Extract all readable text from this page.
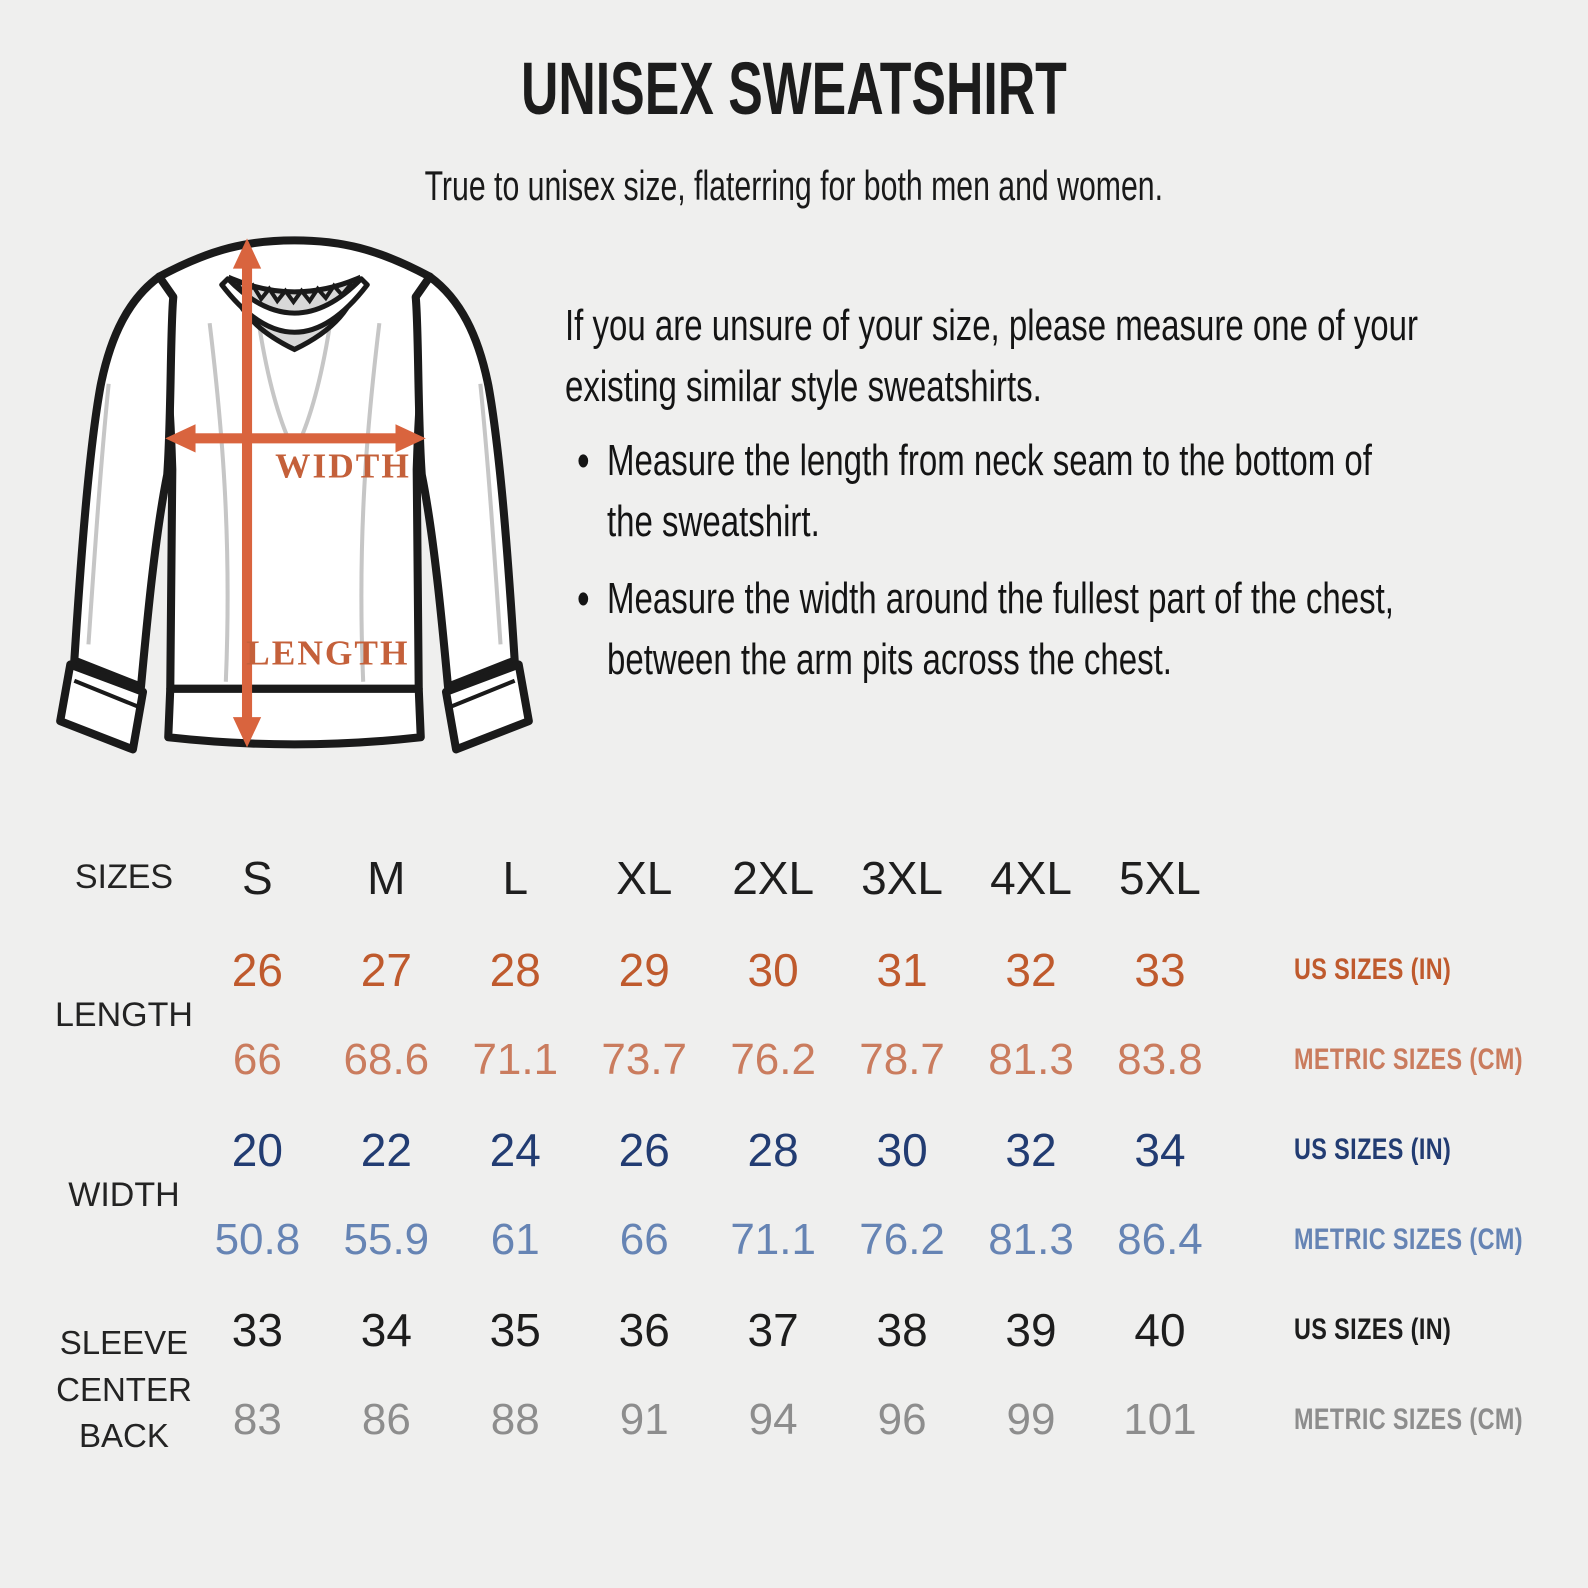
UNISEX SWEATSHIRT
True to unisex size, flaterring for both men and women.
WIDTH
LENGTH

If you are unsure of your size, please measure one of your existing similar style sweatshirts.

• Measure the length from neck seam to the bottom of the sweatshirt.
• Measure the width around the fullest part of the chest, between the arm pits across the chest.
SIZES	S	M	L	XL	2XL	3XL	4XL	5XL	
LENGTH	26	27	28	29	30	31	32	33	US SIZES (IN)
	66	68.6	71.1	73.7	76.2	78.7	81.3	83.8	METRIC SIZES (CM)
WIDTH	20	22	24	26	28	30	32	34	US SIZES (IN)
	50.8	55.9	61	66	71.1	76.2	81.3	86.4	METRIC SIZES (CM)
SLEEVE CENTER BACK	33	34	35	36	37	38	39	40	US SIZES (IN)
	83	86	88	91	94	96	99	101	METRIC SIZES (CM)
